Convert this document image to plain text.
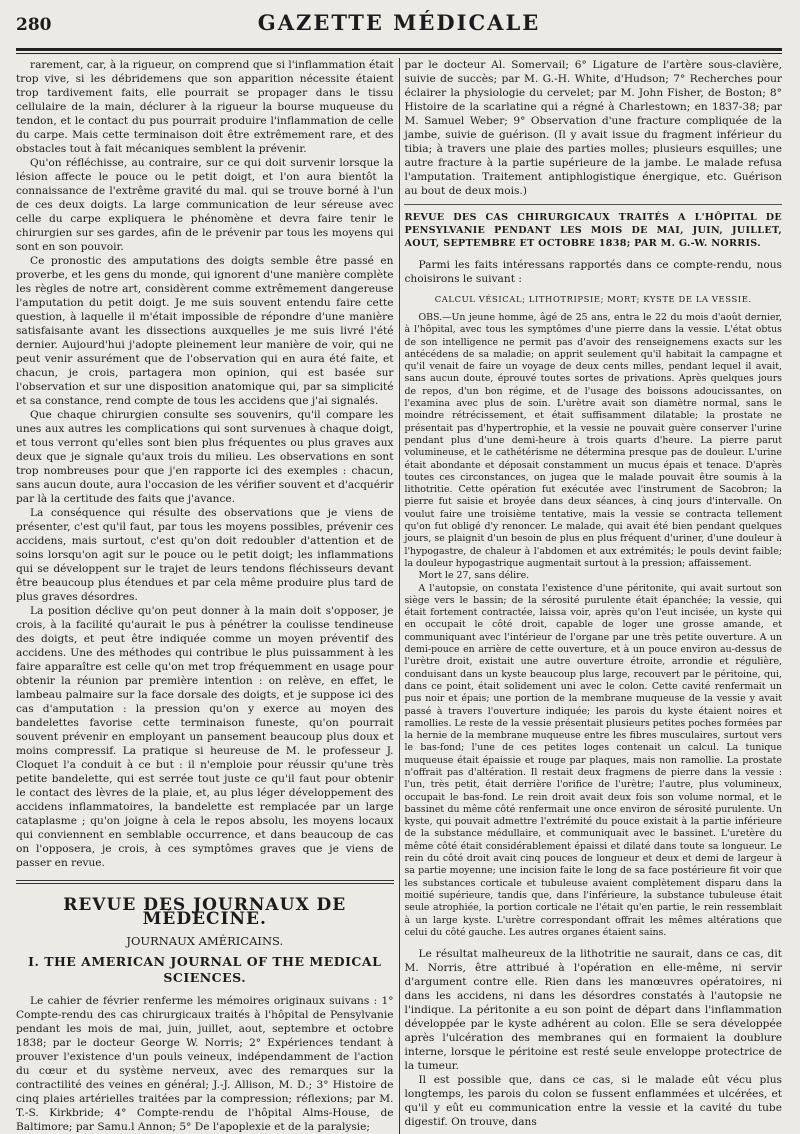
280	GAZETTE MÉDICALE

rarement, car, à la rigueur, on comprend que si l'inflammation était trop vive, si les débridemens que son apparition nécessite étaient trop tardivement faits, elle pourrait se propager dans le tissu cellulaire de la main, déclurer à la rigueur la bourse muqueuse du tendon, et le contact du pus pourrait produire l'inflammation de celle du carpe. Mais cette terminaison doit être extrêmement rare, et des obstacles tout à fait mécaniques semblent la prévenir.

Qu'on réfléchisse, au contraire, sur ce qui doit survenir lorsque la lésion affecte le pouce ou le petit doigt, et l'on aura bientôt la connaissance de l'extrême gravité du mal. qui se trouve borné à l'un de ces deux doigts. La large communication de leur séreuse avec celle du carpe expliquera le phénomène et devra faire tenir le chirurgien sur ses gardes, afin de le prévenir par tous les moyens qui sont en son pouvoir.

Ce pronostic des amputations des doigts semble être passé en proverbe, et les gens du monde, qui ignorent d'une manière complète les règles de notre art, considèrent comme extrêmement dangereuse l'amputation du petit doigt. Je me suis souvent entendu faire cette question, à laquelle il m'était impossible de répondre d'une manière satisfaisante avant les dissections auxquelles je me suis livré l'été dernier. Aujourd'hui j'adopte pleinement leur manière de voir, qui ne peut venir assurément que de l'observation qui en aura été faite, et chacun, je crois, partagera mon opinion, qui est basée sur l'observation et sur une disposition anatomique qui, par sa simplicité et sa constance, rend compte de tous les accidens que j'ai signalés.

Que chaque chirurgien consulte ses souvenirs, qu'il compare les unes aux autres les complications qui sont survenues à chaque doigt, et tous verront qu'elles sont bien plus fréquentes ou plus graves aux deux que je signale qu'aux trois du milieu. Les observations en sont trop nombreuses pour que j'en rapporte ici des exemples : chacun, sans aucun doute, aura l'occasion de les vérifier souvent et d'acquérir par là la certitude des faits que j'avance.

La conséquence qui résulte des observations que je viens de présenter, c'est qu'il faut, par tous les moyens possibles, prévenir ces accidens, mais surtout, c'est qu'on doit redoubler d'attention et de soins lorsqu'on agit sur le pouce ou le petit doigt; les inflammations qui se développent sur le trajet de leurs tendons fléchisseurs devant être beaucoup plus étendues et par cela même produire plus tard de plus graves désordres.

La position déclive qu'on peut donner à la main doit s'opposer, je crois, à la facilité qu'aurait le pus à pénétrer la coulisse tendineuse des doigts, et peut être indiquée comme un moyen préventif des accidens. Une des méthodes qui contribue le plus puissamment à les faire apparaître est celle qu'on met trop fréquemment en usage pour obtenir la réunion par première intention : on relève, en effet, le lambeau palmaire sur la face dorsale des doigts, et je suppose ici des cas d'amputation : la pression qu'on y exerce au moyen des bandelettes favorise cette terminaison funeste, qu'on pourrait souvent prévenir en employant un pansement beaucoup plus doux et moins compressif. La pratique si heureuse de M. le professeur J. Cloquet l'a conduit à ce but : il n'emploie pour réussir qu'une très petite bandelette, qui est serrée tout juste ce qu'il faut pour obtenir le contact des lèvres de la plaie, et, au plus léger développement des accidens inflammatoires, la bandelette est remplacée par un large cataplasme ; qu'on joigne à cela le repos absolu, les moyens locaux qui conviennent en semblable occurrence, et dans beaucoup de cas on l'opposera, je crois, à ces symptômes graves que je viens de passer en revue.

REVUE DES JOURNAUX DE MÉDECINE.
JOURNAUX AMÉRICAINS.
I. THE AMERICAN JOURNAL OF THE MEDICAL SCIENCES.

Le cahier de février renferme les mémoires originaux suivans : 1° Compte-rendu des cas chirurgicaux traités à l'hôpital de Pensylvanie pendant les mois de mai, juin, juillet, aout, septembre et octobre 1838; par le docteur George W. Norris; 2° Expériences tendant à prouver l'existence d'un pouls veineux, indépendamment de l'action du cœur et du système nerveux, avec des remarques sur la contractilité des veines en général; J.-J. Allison, M. D.; 3° Histoire de cinq plaies artérielles traitées par la compression; réflexions; par M. T.-S. Kirkbride; 4° Compte-rendu de l'hôpital Alms-House, de Baltimore; par Samu.l Annon; 5° De l'apoplexie et de la paralysie;

par le docteur Al. Somervail; 6° Ligature de l'artère sous-clavière, suivie de succès; par M. G.-H. White, d'Hudson; 7° Recherches pour éclairer la physiologie du cervelet; par M. John Fisher, de Boston; 8° Histoire de la scarlatine qui a régné à Charlestown; en 1837-38; par M. Samuel Weber; 9° Observation d'une fracture compliquée de la jambe, suivie de guérison. (Il y avait issue du fragment inférieur du tibia; à travers une plaie des parties molles; plusieurs esquilles; une autre fracture à la partie supérieure de la jambe. Le malade refusa l'amputation. Traitement antiphlogistique énergique, etc. Guérison au bout de deux mois.)

REVUE DES CAS CHIRURGICAUX TRAITÉS A L'HÔPITAL DE PENSYLVANIE PENDANT LES MOIS DE MAI, JUIN, JUILLET, AOUT, SEPTEMBRE ET OCTOBRE 1838; PAR M. G.-W. NORRIS.

Parmi les faits intéressans rapportés dans ce compte-rendu, nous choisirons le suivant :

CALCUL VÉSICAL; LITHOTRIPSIE; MORT; KYSTE DE LA VESSIE.

OBS.—Un jeune homme, âgé de 25 ans, entra le 22 du mois d'août dernier, à l'hôpital, avec tous les symptômes d'une pierre dans la vessie. L'état obtus de son intelligence ne permit pas d'avoir des renseignemens exacts sur les antécédens de sa maladie; on apprit seulement qu'il habitait la campagne et qu'il venait de faire un voyage de deux cents milles, pendant lequel il avait, sans aucun doute, éprouvé toutes sortes de privations. Après quelques jours de repos, d'un bon régime, et de l'usage des boissons adoucissantes, on l'examina avec plus de soin. L'urètre avait son diamètre normal, sans le moindre rétrécissement, et était suffisamment dilatable; la prostate ne présentait pas d'hypertrophie, et la vessie ne pouvait guère conserver l'urine pendant plus d'une demi-heure à trois quarts d'heure. La pierre parut volumineuse, et le cathétérisme ne détermina presque pas de douleur. L'urine était abondante et déposait constamment un mucus épais et tenace. D'après toutes ces circonstances, on jugea que le malade pouvait être soumis à la lithotritie. Cette opération fut exécutée avec l'instrument de Sacobron; la pierre fut saisie et broyée dans deux séances, à cinq jours d'intervalle. On voulut faire une troisième tentative, mais la vessie se contracta tellement qu'on fut obligé d'y renoncer. Le malade, qui avait été bien pendant quelques jours, se plaignit d'un besoin de plus en plus fréquent d'uriner, d'une douleur à l'hypogastre, de chaleur à l'abdomen et aux extrémités; le pouls devint faible; la douleur hypogastrique augmentait surtout à la pression; affaissement.

Mort le 27, sans délire.

A l'autopsie, on constata l'existence d'une péritonite, qui avait surtout son siège vers le bassin; de la sérosité purulente était épanchée; la vessie, qui était fortement contractée, laissa voir, après qu'on l'eut incisée, un kyste qui en occupait le côté droit, capable de loger une grosse amande, et communiquant avec l'intérieur de l'organe par une très petite ouverture. A un demi-pouce en arrière de cette ouverture, et à un pouce environ au-dessus de l'urètre droit, existait une autre ouverture étroite, arrondie et régulière, conduisant dans un kyste beaucoup plus large, recouvert par le péritoine, qui, dans ce point, était solidement uni avec le colon. Cette cavité renfermait un pus noir et épais; une portion de la membrane muqueuse de la vessie y avait passé à travers l'ouverture indiquée; les parois du kyste étaient noires et ramollies. Le reste de la vessie présentait plusieurs petites poches formées par la hernie de la membrane muqueuse entre les fibres musculaires, surtout vers le bas-fond; l'une de ces petites loges contenait un calcul. La tunique muqueuse était épaissie et rouge par plaques, mais non ramollie. La prostate n'offrait pas d'altération. Il restait deux fragmens de pierre dans la vessie : l'un, très petit, était derrière l'orifice de l'urètre; l'autre, plus volumineux, occupait le bas-fond. Le rein droit avait deux fois son volume normal, et le bassinet du même côté renfermait une once environ de sérosité purulente. Un kyste, qui pouvait admettre l'extrémité du pouce existait à la partie inférieure de la substance médullaire, et communiquait avec le bassinet. L'uretère du même côté était considérablement épaissi et dilaté dans toute sa longueur. Le rein du côté droit avait cinq pouces de longueur et deux et demi de largeur à sa partie moyenne; une incision faite le long de sa face postérieure fit voir que les substances corticale et tubuleuse avaient complètement disparu dans la moitié supérieure, tandis que, dans l'inférieure, la substance tubuleuse était seule atrophiée, la portion corticale ne l'était qu'en partie, le rein ressemblait à un large kyste. L'urètre correspondant offrait les mêmes altérations que celui du côté gauche. Les autres organes étaient sains.

Le résultat malheureux de la lithotritie ne saurait, dans ce cas, dit M. Norris, être attribué à l'opération en elle-même, ni servir d'argument contre elle. Rien dans les manœuvres opératoires, ni dans les accidens, ni dans les désordres constatés à l'autopsie ne l'indique. La péritonite a eu son point de départ dans l'inflammation développée par le kyste adhérent au colon. Elle se sera développée après l'ulcération des membranes qui en formaient la doublure interne, lorsque le péritoine est resté seule enveloppe protectrice de la tumeur.

Il est possible que, dans ce cas, si le malade eût vécu plus longtemps, les parois du colon se fussent enflammées et ulcérées, et qu'il y eût eu communication entre la vessie et la cavité du tube digestif. On trouve, dans
